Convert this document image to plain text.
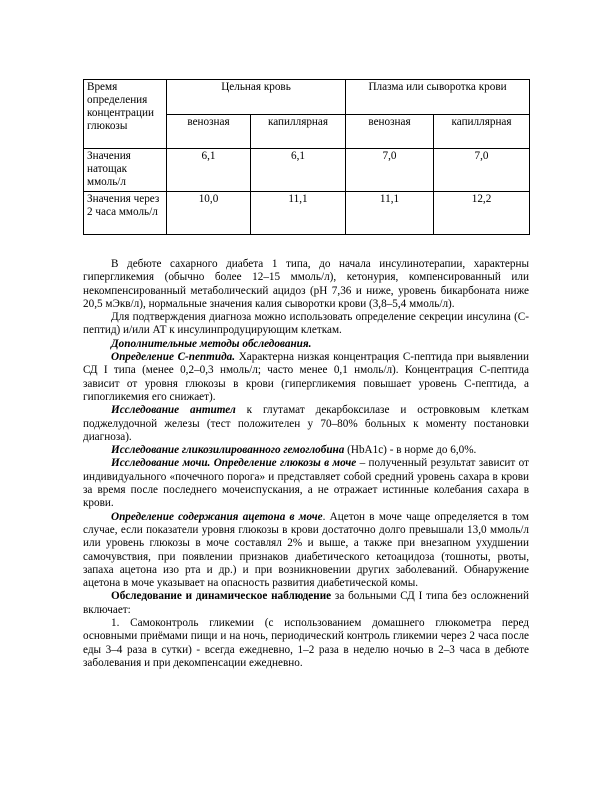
Время определения концентрации глюкозы	Цельная кровь		Плазма или сыворотка крови	
	венозная	капиллярная	венозная	капиллярная
Значения натощак ммоль/л	6,1	6,1	7,0	7,0
Значения через 2 часа ммоль/л	10,0	11,1	11,1	12,2

В дебюте сахарного диабета 1 типа, до начала инсулинотерапии, характерны гипергликемия (обычно более 12–15 ммоль/л), кетонурия, компенсированный или некомпенсированный метаболический ацидоз (pH 7,36 и ниже, уровень бикарбоната ниже 20,5 мЭкв/л), нормальные значения калия сыворотки крови (3,8–5,4 ммоль/л).

Для подтверждения диагноза можно использовать определение секреции инсулина (С-пептид) и/или АТ к инсулинпродуцирующим клеткам.

Дополнительные методы обследования.

Определение С-пептида. Характерна низкая концентрация С-пептида при выявлении СД I типа (менее 0,2–0,3 нмоль/л; часто менее 0,1 нмоль/л). Концентрация С-пептида зависит от уровня глюкозы в крови (гипергликемия повышает уровень С-пептида, а гипогликемия его снижает).

Исследование антител к глутамат декарбоксилазе и островковым клеткам поджелудочной железы (тест положителен у 70–80% больных к моменту постановки диагноза).

Исследование гликозилированного гемоглобина (HbA1c) - в норме до 6,0%.

Исследование мочи. Определение глюкозы в моче – полученный результат зависит от индивидуального «почечного порога» и представляет собой средний уровень сахара в крови за время после последнего мочеиспускания, а не отражает истинные колебания сахара в крови.

Определение содержания ацетона в моче. Ацетон в моче чаще определяется в том случае, если показатели уровня глюкозы в крови достаточно долго превышали 13,0 ммоль/л или уровень глюкозы в моче составлял 2% и выше, а также при внезапном ухудшении самочувствия, при появлении признаков диабетического кетоацидоза (тошноты, рвоты, запаха ацетона изо рта и др.) и при возникновении других заболеваний. Обнаружение ацетона в моче указывает на опасность развития диабетической комы.

Обследование и динамическое наблюдение за больными СД I типа без осложнений включает:

1. Самоконтроль гликемии (с использованием домашнего глюкометра перед основными приёмами пищи и на ночь, периодический контроль гликемии через 2 часа после еды 3–4 раза в сутки) - всегда ежедневно, 1–2 раза в неделю ночью в 2–3 часа в дебюте заболевания и при декомпенсации ежедневно.
